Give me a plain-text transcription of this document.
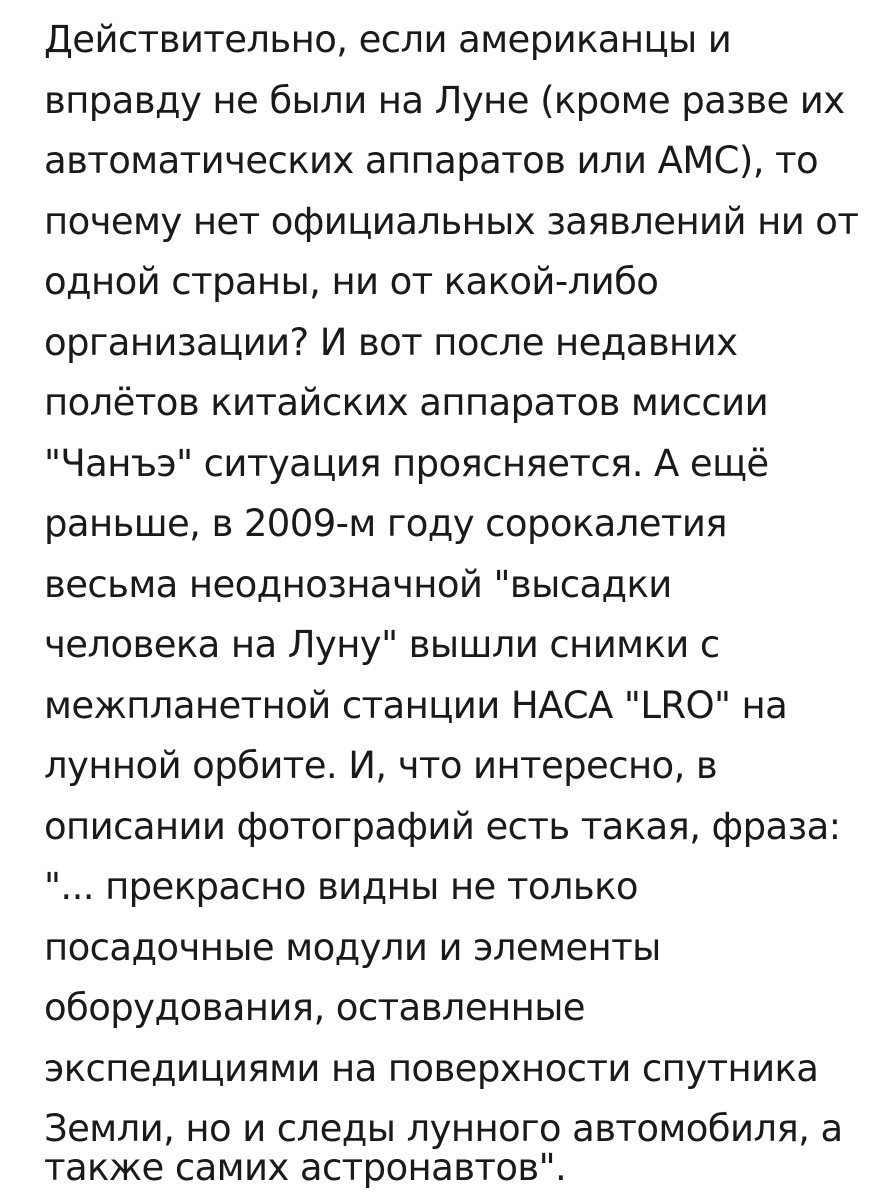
Действительно, если американцы и
вправду не были на Луне (кроме разве их
автоматических аппаратов или АМС), то
почему нет официальных заявлений ни от
одной страны, ни от какой-либо
организации? И вот после недавних
полётов китайских аппаратов миссии
"Чанъэ" ситуация проясняется. А ещё
раньше, в 2009-м году сорокалетия
весьма неоднозначной "высадки
человека на Луну" вышли снимки с
межпланетной станции НАСА "LRO" на
лунной орбите. И, что интересно, в
описании фотографий есть такая, фраза:
"... прекрасно видны не только
посадочные модули и элементы
оборудования, оставленные
экспедициями на поверхности спутника
Земли, но и следы лунного автомобиля, а
также самих астронавтов".
